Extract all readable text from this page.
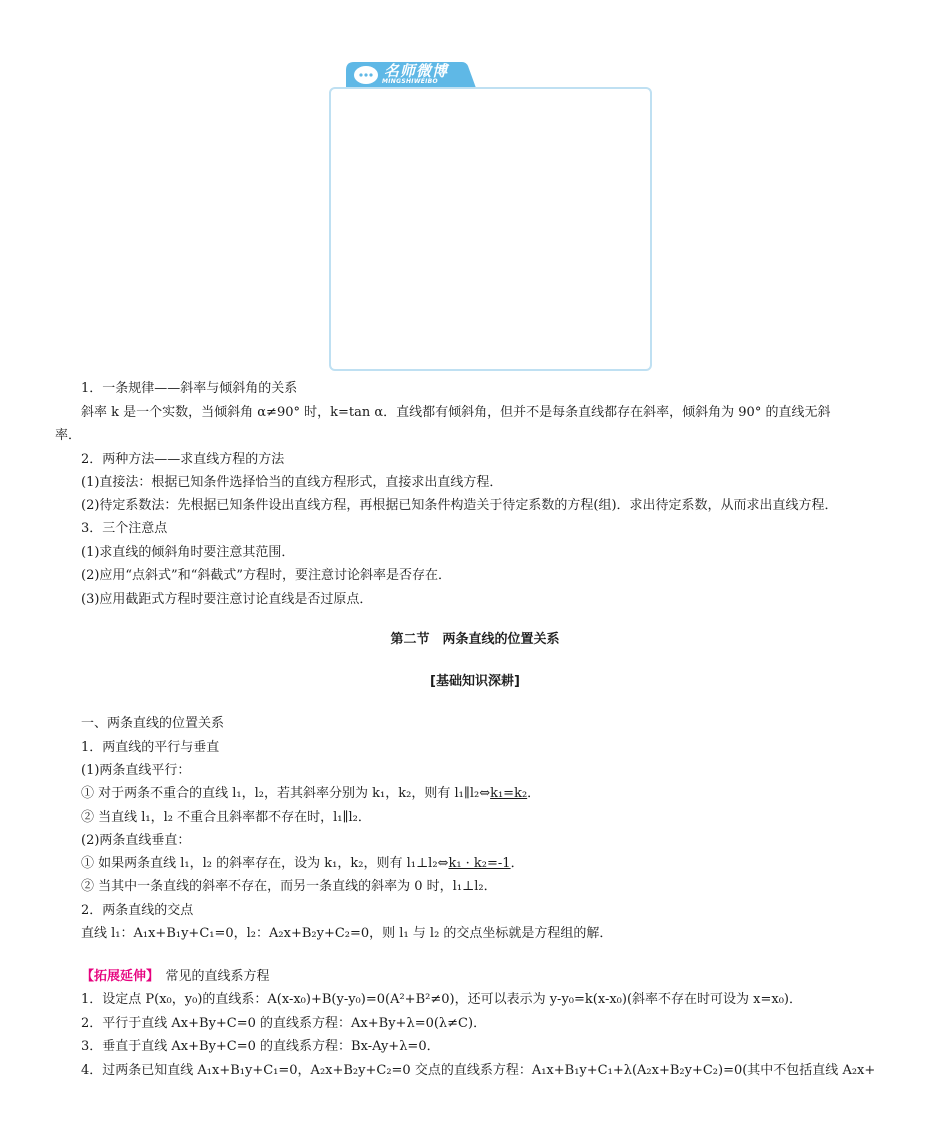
名师微博
MINGSHIWEIBO
1．一条规律——斜率与倾斜角的关系
斜率 k 是一个实数，当倾斜角 α≠90° 时，k=tan α．直线都有倾斜角，但并不是每条直线都存在斜率，倾斜角为 90° 的直线无斜
率．
2．两种方法——求直线方程的方法
(1)直接法：根据已知条件选择恰当的直线方程形式，直接求出直线方程．
(2)待定系数法：先根据已知条件设出直线方程，再根据已知条件构造关于待定系数的方程(组)．求出待定系数，从而求出直线方程．
3．三个注意点
(1)求直线的倾斜角时要注意其范围．
(2)应用“点斜式”和“斜截式”方程时，要注意讨论斜率是否存在．
(3)应用截距式方程时要注意讨论直线是否过原点．
第二节　两条直线的位置关系
[基础知识深耕]
一、两条直线的位置关系
1．两直线的平行与垂直
(1)两条直线平行：
① 对于两条不重合的直线 l₁，l₂，若其斜率分别为 k₁，k₂，则有 l₁∥l₂⇔k₁=k₂．
② 当直线 l₁，l₂ 不重合且斜率都不存在时，l₁∥l₂．
(2)两条直线垂直：
① 如果两条直线 l₁，l₂ 的斜率存在，设为 k₁，k₂，则有 l₁⊥l₂⇔k₁ · k₂=-1．
② 当其中一条直线的斜率不存在，而另一条直线的斜率为 0 时，l₁⊥l₂．
2．两条直线的交点
直线 l₁：A₁x+B₁y+C₁=0，l₂：A₂x+B₂y+C₂=0，则 l₁ 与 l₂ 的交点坐标就是方程组的解．
【拓展延伸】　常见的直线系方程
1．设定点 P(x₀，y₀)的直线系：A(x-x₀)+B(y-y₀)=0(A²+B²≠0)，还可以表示为 y-y₀=k(x-x₀)(斜率不存在时可设为 x=x₀)．
2．平行于直线 Ax+By+C=0 的直线系方程：Ax+By+λ=0(λ≠C)．
3．垂直于直线 Ax+By+C=0 的直线系方程：Bx-Ay+λ=0．
4．过两条已知直线 A₁x+B₁y+C₁=0，A₂x+B₂y+C₂=0 交点的直线系方程：A₁x+B₁y+C₁+λ(A₂x+B₂y+C₂)=0(其中不包括直线 A₂x+
